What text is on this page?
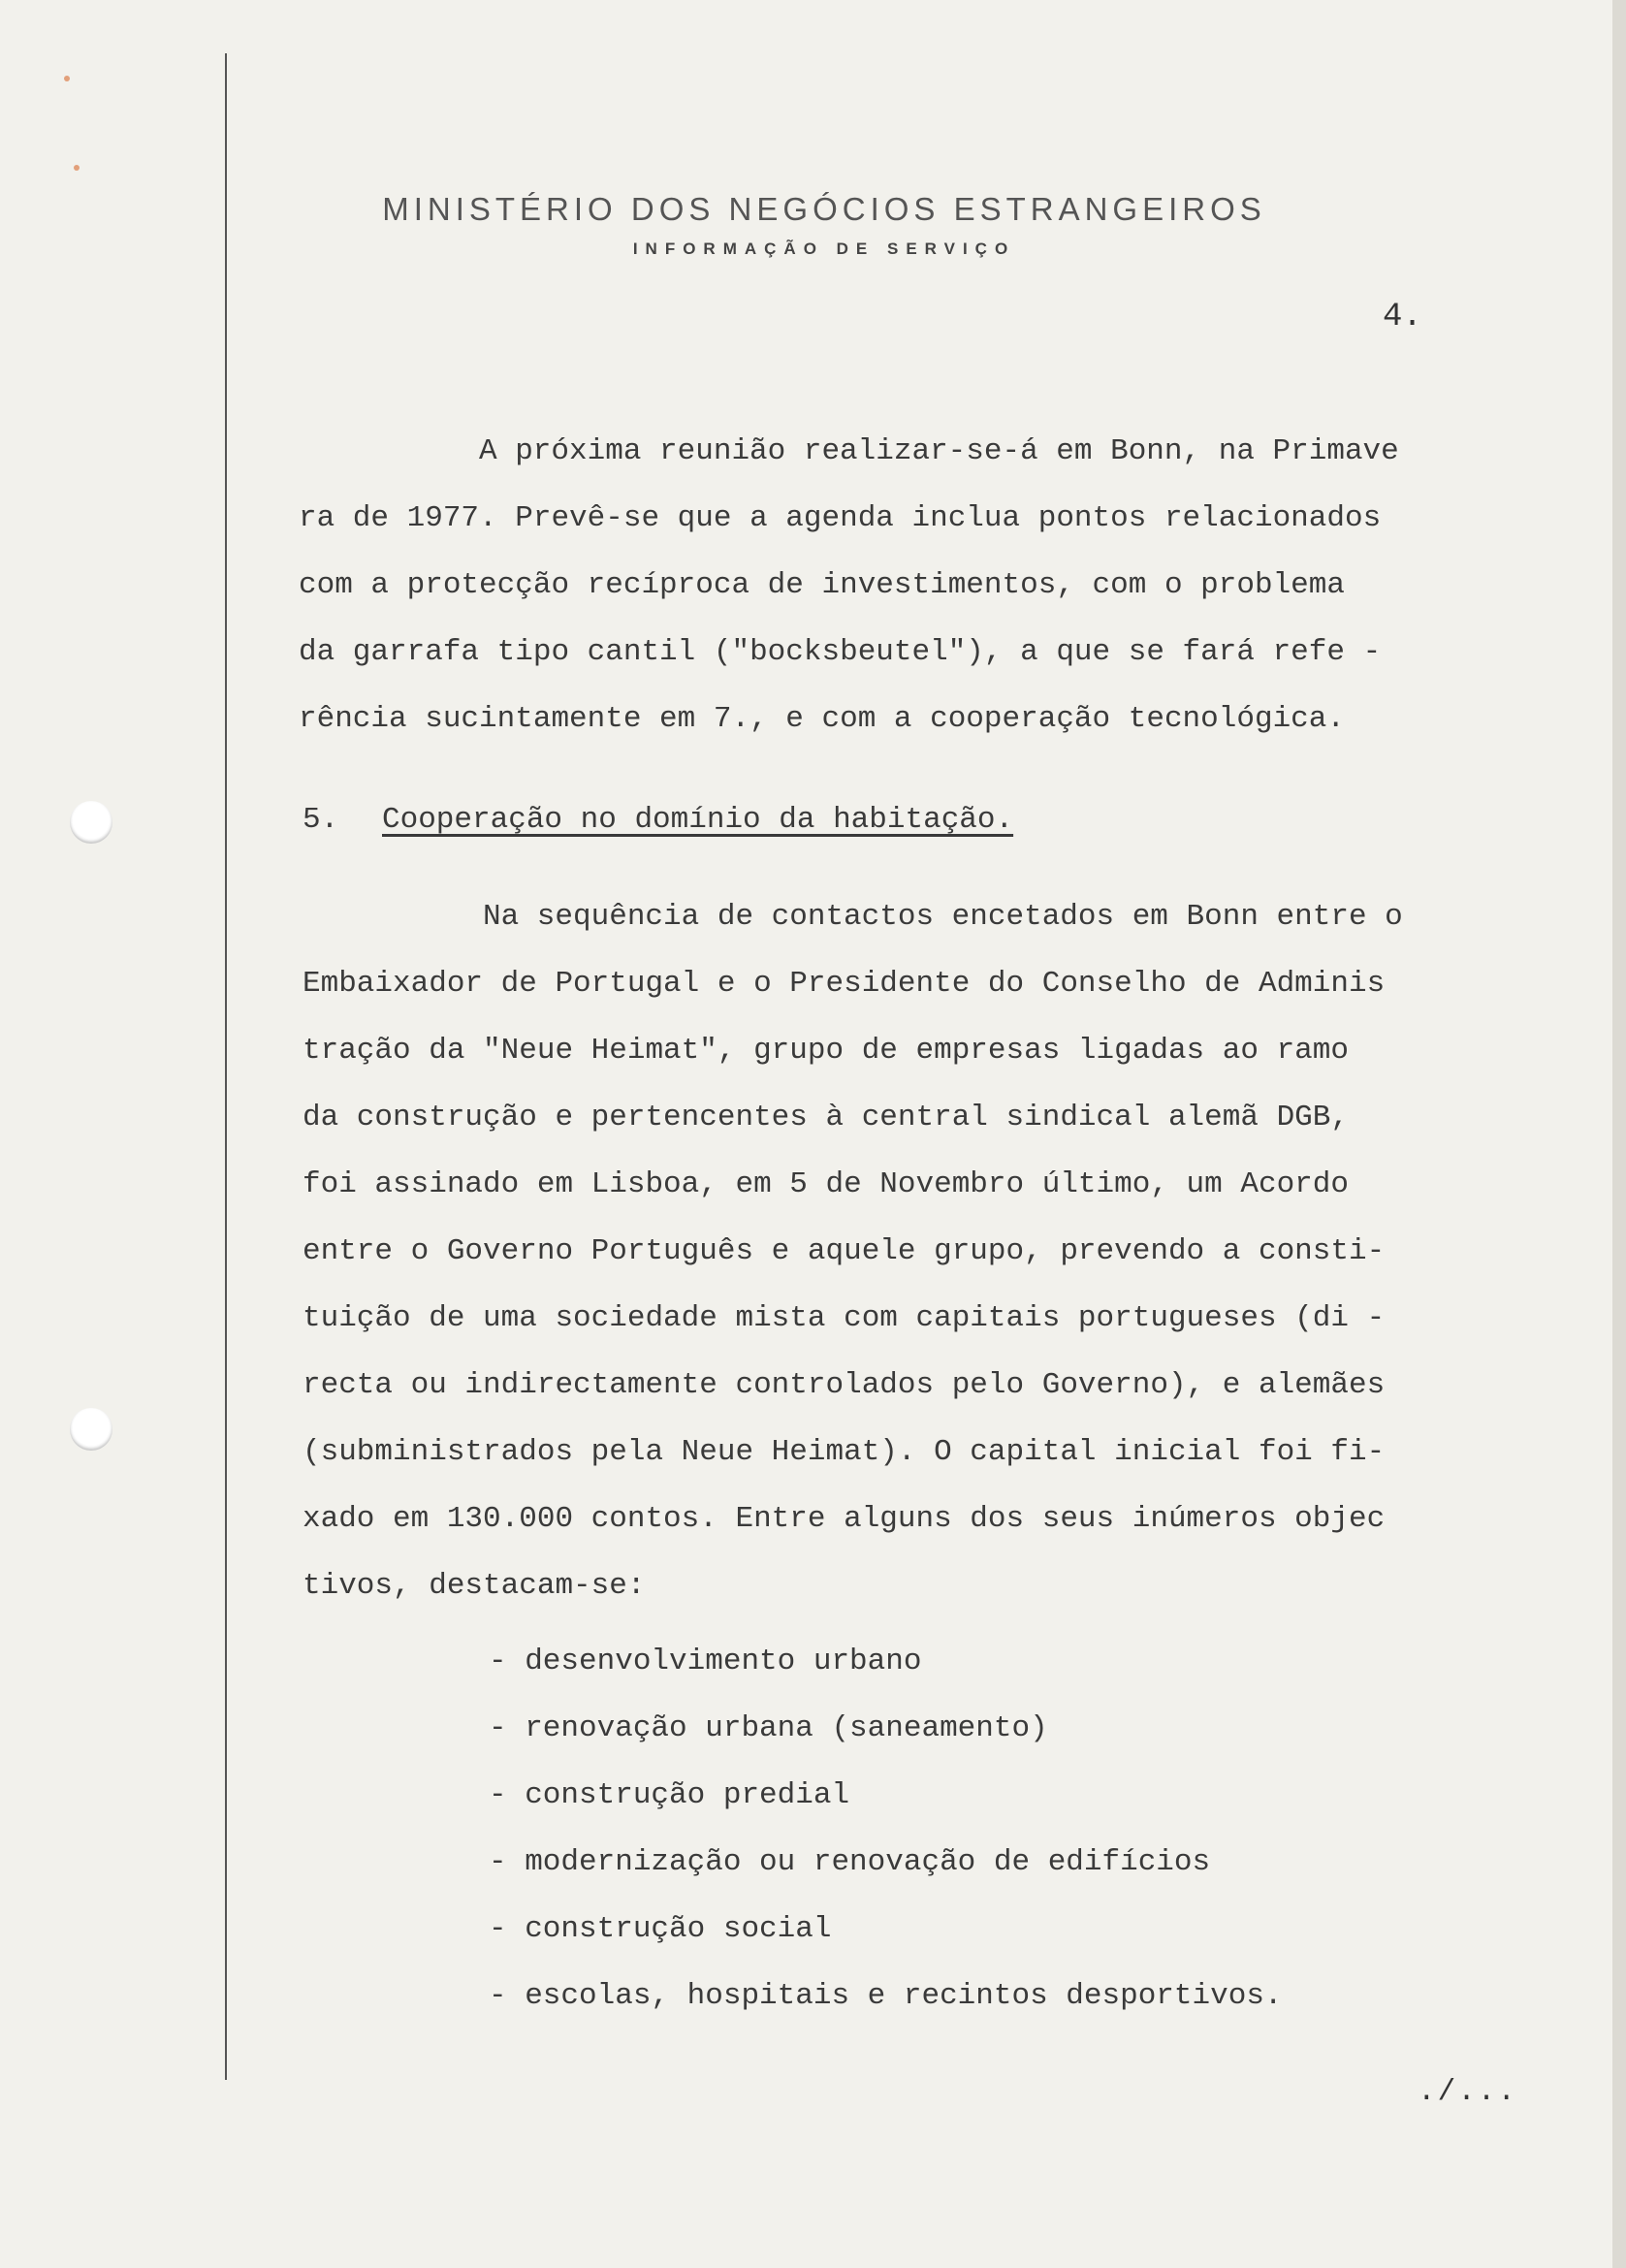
MINISTÉRIO DOS NEGÓCIOS ESTRANGEIROS
INFORMAÇÃO DE SERVIÇO
4.
A próxima reunião realizar-se-á em Bonn, na Primave
ra de 1977. Prevê-se que a agenda inclua pontos relacionados
com a protecção recíproca de investimentos, com o problema
da garrafa tipo cantil ("bocksbeutel"), a que se fará refe -
rência sucintamente em 7., e com a cooperação tecnológica.
5. Cooperação no domínio da habitação.
Na sequência de contactos encetados em Bonn entre o
Embaixador de Portugal e o Presidente do Conselho de Adminis
tração da "Neue Heimat", grupo de empresas ligadas ao ramo
da construção e pertencentes à central sindical alemã DGB,
foi assinado em Lisboa, em 5 de Novembro último, um Acordo
entre o Governo Português e aquele grupo, prevendo a consti-
tuição de uma sociedade mista com capitais portugueses (di -
recta ou indirectamente controlados pelo Governo), e alemães
(subministrados pela Neue Heimat). O capital inicial foi fi-
xado em 130.000 contos. Entre alguns dos seus inúmeros objec
tivos, destacam-se:
- desenvolvimento urbano
- renovação urbana (saneamento)
- construção predial
- modernização ou renovação de edifícios
- construção social
- escolas, hospitais e recintos desportivos.
./...
